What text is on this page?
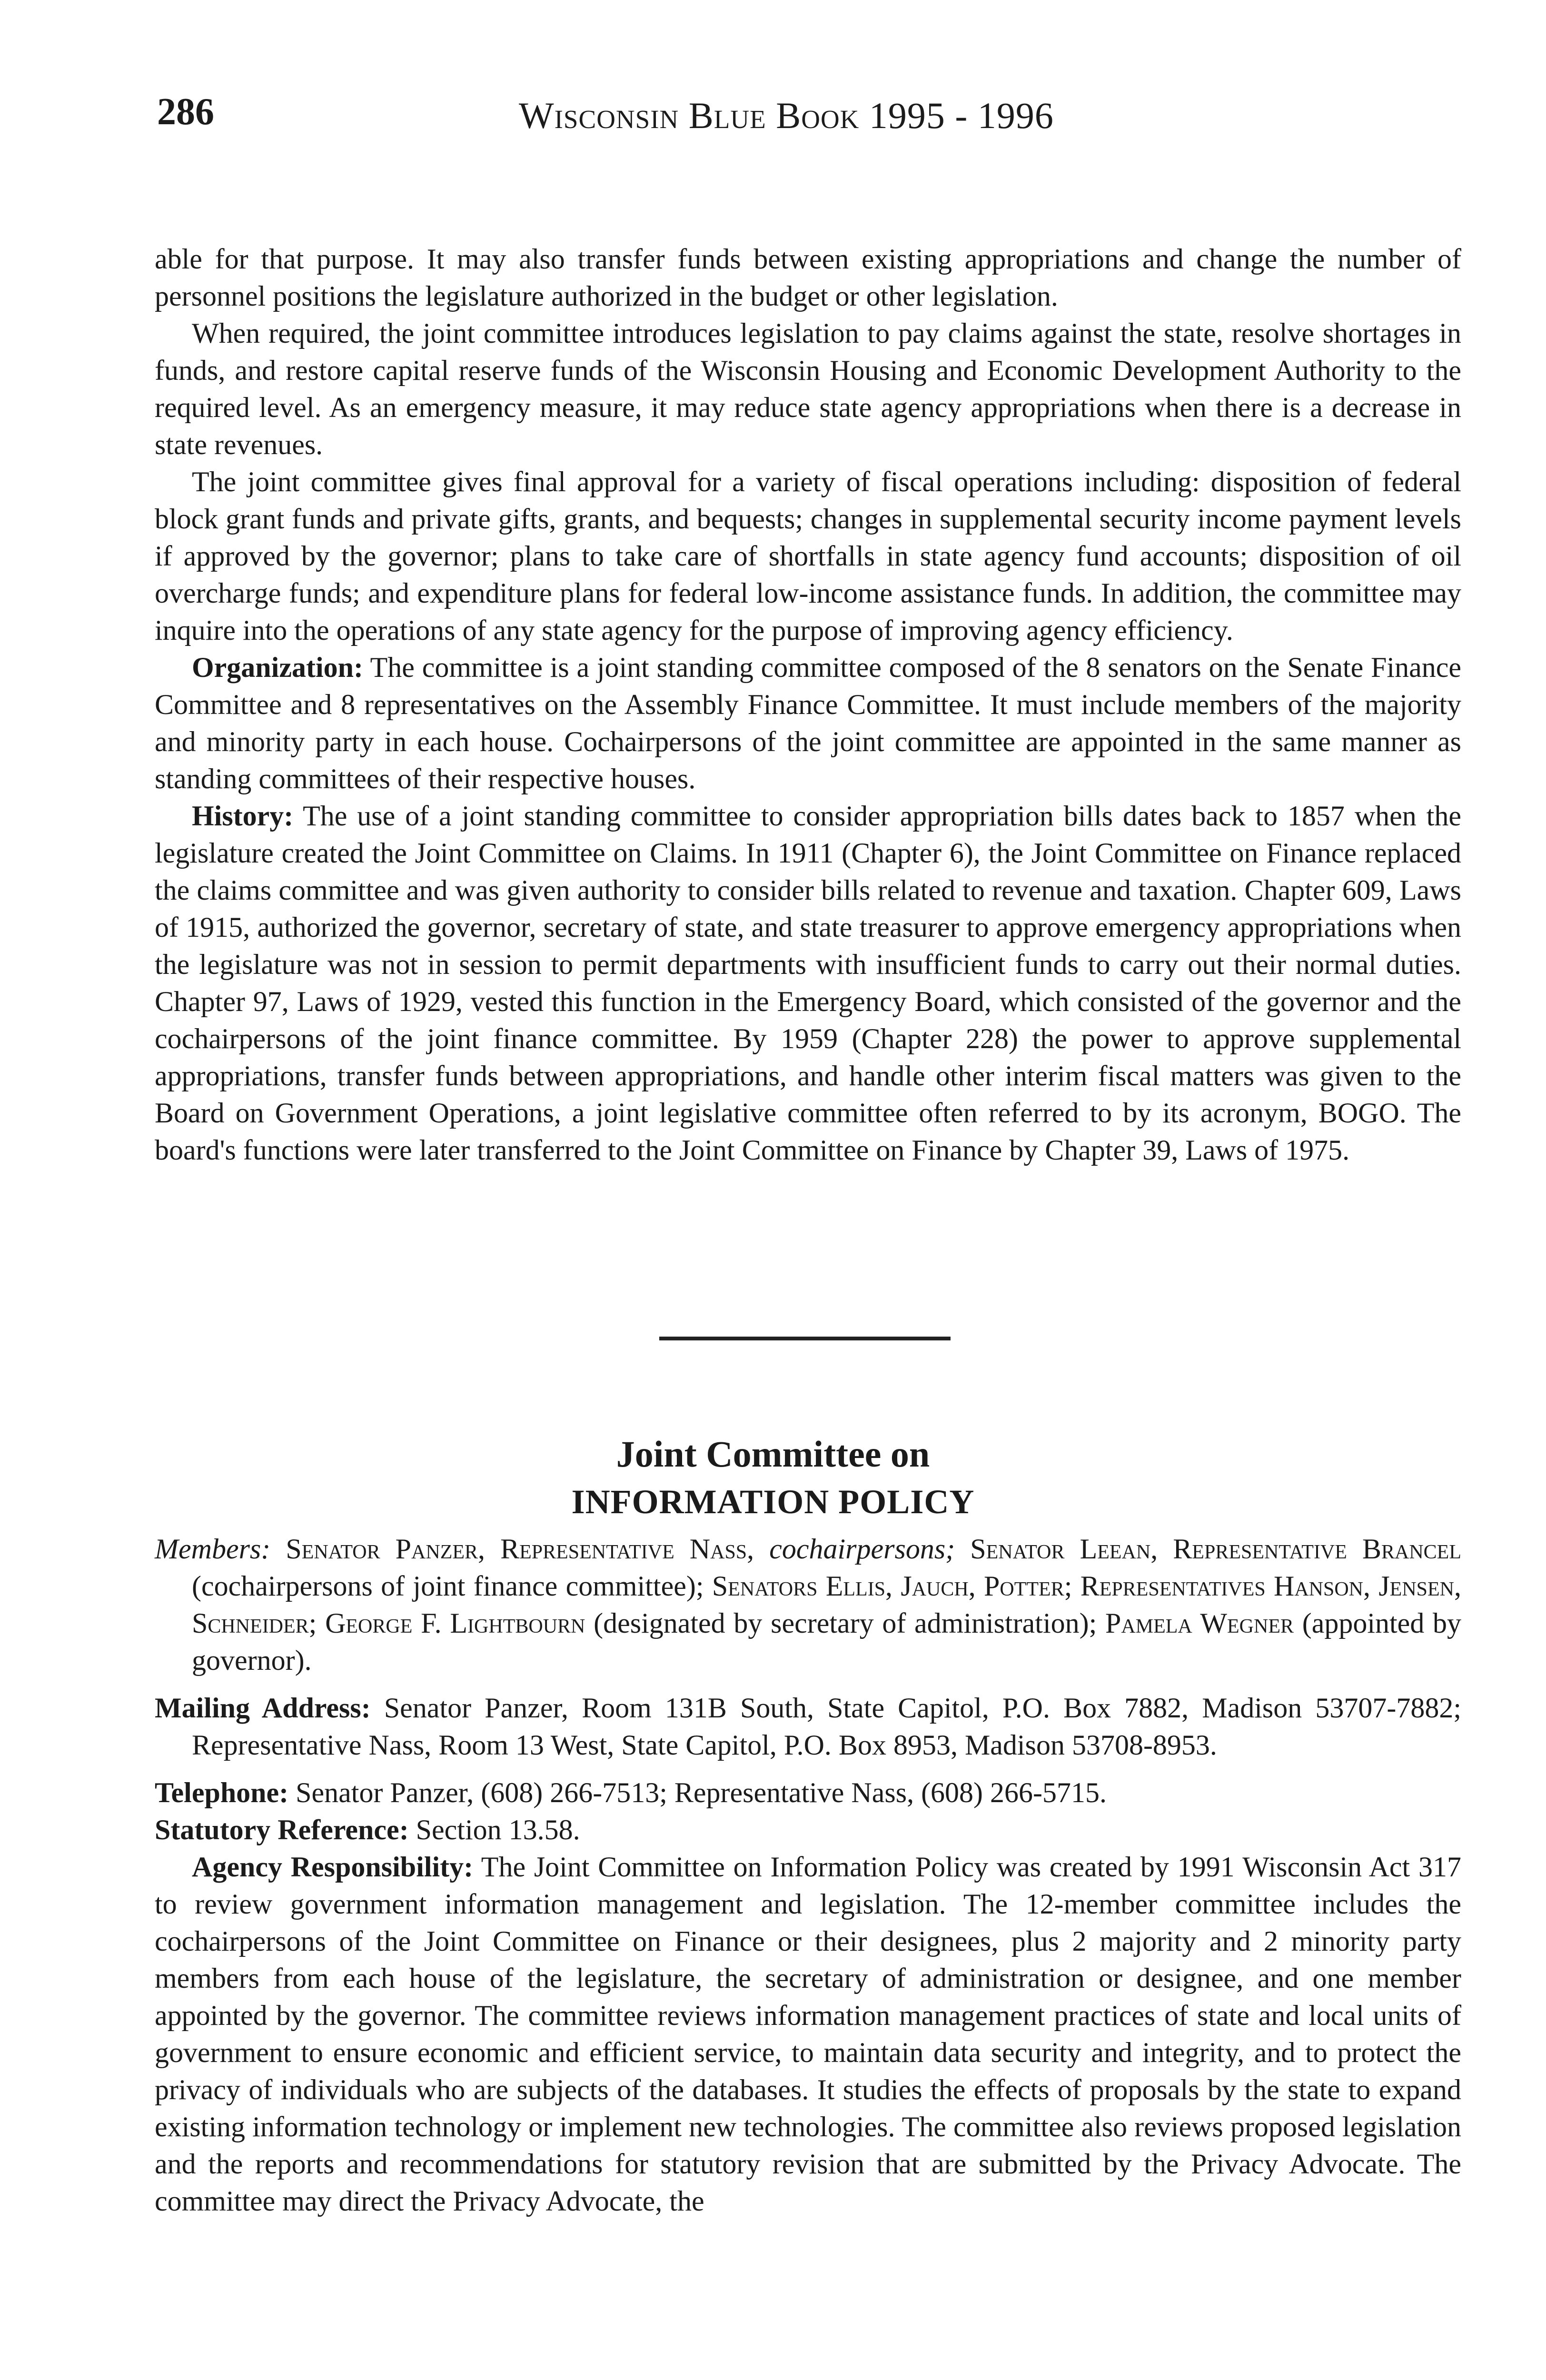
286	Wisconsin Blue Book 1995 - 1996

able for that purpose. It may also transfer funds between existing appropriations and change the number of personnel positions the legislature authorized in the budget or other legislation.

When required, the joint committee introduces legislation to pay claims against the state, resolve shortages in funds, and restore capital reserve funds of the Wisconsin Housing and Economic Development Authority to the required level. As an emergency measure, it may reduce state agency appropriations when there is a decrease in state revenues.

The joint committee gives final approval for a variety of fiscal operations including: disposition of federal block grant funds and private gifts, grants, and bequests; changes in supplemental security income payment levels if approved by the governor; plans to take care of shortfalls in state agency fund accounts; disposition of oil overcharge funds; and expenditure plans for federal low-income assistance funds. In addition, the committee may inquire into the operations of any state agency for the purpose of improving agency efficiency.

Organization: The committee is a joint standing committee composed of the 8 senators on the Senate Finance Committee and 8 representatives on the Assembly Finance Committee. It must include members of the majority and minority party in each house. Cochairpersons of the joint committee are appointed in the same manner as standing committees of their respective houses.

History: The use of a joint standing committee to consider appropriation bills dates back to 1857 when the legislature created the Joint Committee on Claims. In 1911 (Chapter 6), the Joint Committee on Finance replaced the claims committee and was given authority to consider bills related to revenue and taxation. Chapter 609, Laws of 1915, authorized the governor, secretary of state, and state treasurer to approve emergency appropriations when the legislature was not in session to permit departments with insufficient funds to carry out their normal duties. Chapter 97, Laws of 1929, vested this function in the Emergency Board, which consisted of the governor and the cochairpersons of the joint finance committee. By 1959 (Chapter 228) the power to approve supplemental appropriations, transfer funds between appropriations, and handle other interim fiscal matters was given to the Board on Government Operations, a joint legislative committee often referred to by its acronym, BOGO. The board's functions were later transferred to the Joint Committee on Finance by Chapter 39, Laws of 1975.

Joint Committee on
INFORMATION POLICY

Members: Senator Panzer, Representative Nass, cochairpersons; Senator Leean, Representative Brancel (cochairpersons of joint finance committee); Senators Ellis, Jauch, Potter; Representatives Hanson, Jensen, Schneider; George F. Lightbourn (designated by secretary of administration); Pamela Wegner (appointed by governor).

Mailing Address: Senator Panzer, Room 131B South, State Capitol, P.O. Box 7882, Madison 53707-7882; Representative Nass, Room 13 West, State Capitol, P.O. Box 8953, Madison 53708-8953.

Telephone: Senator Panzer, (608) 266-7513; Representative Nass, (608) 266-5715.

Statutory Reference: Section 13.58.

Agency Responsibility: The Joint Committee on Information Policy was created by 1991 Wisconsin Act 317 to review government information management and legislation. The 12-member committee includes the cochairpersons of the Joint Committee on Finance or their designees, plus 2 majority and 2 minority party members from each house of the legislature, the secretary of administration or designee, and one member appointed by the governor. The committee reviews information management practices of state and local units of government to ensure economic and efficient service, to maintain data security and integrity, and to protect the privacy of individuals who are subjects of the databases. It studies the effects of proposals by the state to expand existing information technology or implement new technologies. The committee also reviews proposed legislation and the reports and recommendations for statutory revision that are submitted by the Privacy Advocate. The committee may direct the Privacy Advocate, the
